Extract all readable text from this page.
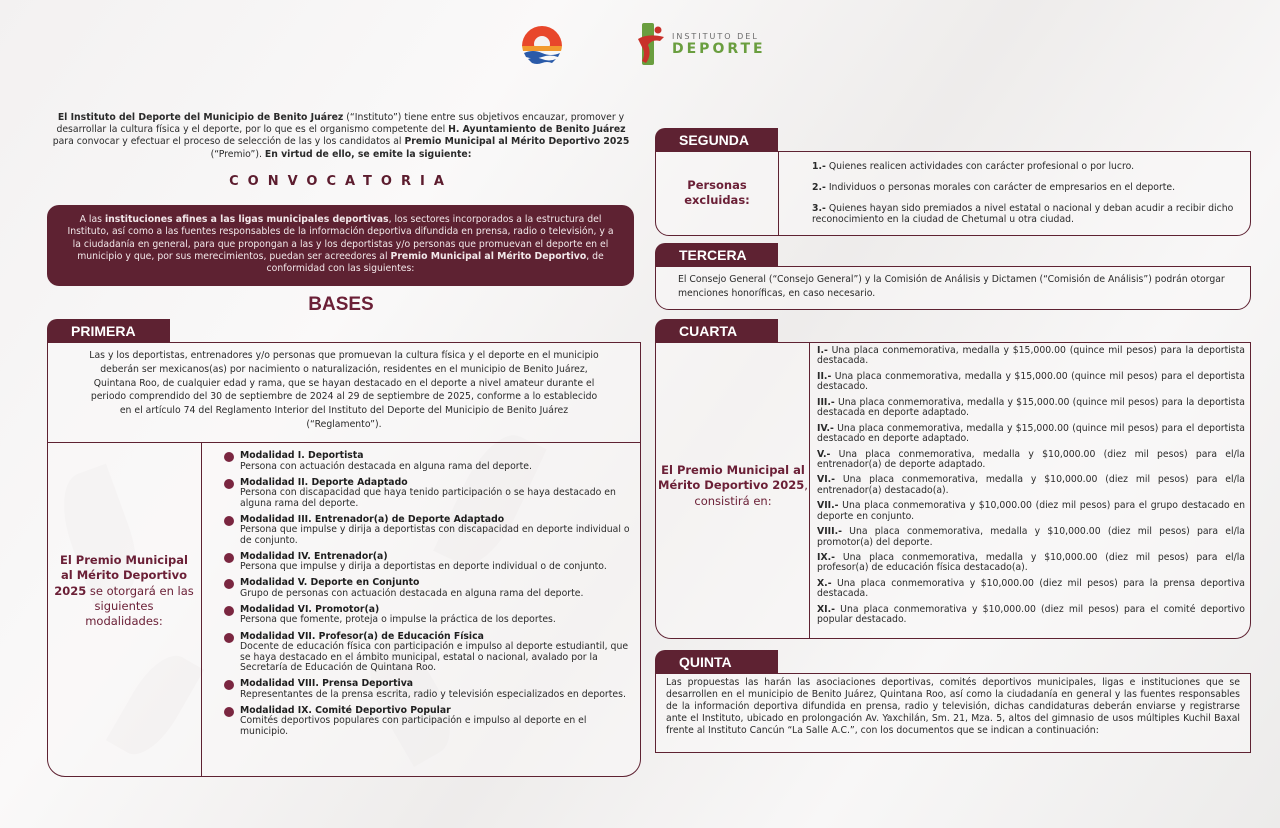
INSTITUTO DEL
DEPORTE
El Instituto del Deporte del Municipio de Benito Juárez (“Instituto”) tiene entre sus objetivos encauzar, promover y desarrollar la cultura física y el deporte, por lo que es el organismo competente del H. Ayuntamiento de Benito Juárez para convocar y efectuar el proceso de selección de las y los candidatos al Premio Municipal al Mérito Deportivo 2025 (“Premio”). En virtud de ello, se emite la siguiente:
CONVOCATORIA
A las instituciones afines a las ligas municipales deportivas, los sectores incorporados a la estructura del Instituto, así como a las fuentes responsables de la información deportiva difundida en prensa, radio o televisión, y a la ciudadanía en general, para que propongan a las y los deportistas y/o personas que promuevan el deporte en el municipio y que, por sus merecimientos, puedan ser acreedores al Premio Municipal al Mérito Deportivo, de conformidad con las siguientes:
BASES
PRIMERA
Las y los deportistas, entrenadores y/o personas que promuevan la cultura física y el deporte en el municipio deberán ser mexicanos(as) por nacimiento o naturalización, residentes en el municipio de Benito Juárez, Quintana Roo, de cualquier edad y rama, que se hayan destacado en el deporte a nivel amateur durante el periodo comprendido del 30 de septiembre de 2024 al 29 de septiembre de 2025, conforme a lo establecido en el artículo 74 del Reglamento Interior del Instituto del Deporte del Municipio de Benito Juárez (“Reglamento”).
El Premio Municipal al Mérito Deportivo 2025 se otorgará en las siguientes modalidades:
Modalidad I. Deportista
Persona con actuación destacada en alguna rama del deporte.
Modalidad II. Deporte Adaptado
Persona con discapacidad que haya tenido participación o se haya destacado en alguna rama del deporte.
Modalidad III. Entrenador(a) de Deporte Adaptado
Persona que impulse y dirija a deportistas con discapacidad en deporte individual o de conjunto.
Modalidad IV. Entrenador(a)
Persona que impulse y dirija a deportistas en deporte individual o de conjunto.
Modalidad V. Deporte en Conjunto
Grupo de personas con actuación destacada en alguna rama del deporte.
Modalidad VI. Promotor(a)
Persona que fomente, proteja o impulse la práctica de los deportes.
Modalidad VII. Profesor(a) de Educación Física
Docente de educación física con participación e impulso al deporte estudiantil, que se haya destacado en el ámbito municipal, estatal o nacional, avalado por la Secretaría de Educación de Quintana Roo.
Modalidad VIII. Prensa Deportiva
Representantes de la prensa escrita, radio y televisión especializados en deportes.
Modalidad IX. Comité Deportivo Popular
Comités deportivos populares con participación e impulso al deporte en el municipio.
SEGUNDA
Personas excluidas:
1.- Quienes realicen actividades con carácter profesional o por lucro.
2.- Individuos o personas morales con carácter de empresarios en el deporte.
3.- Quienes hayan sido premiados a nivel estatal o nacional y deban acudir a recibir dicho reconocimiento en la ciudad de Chetumal u otra ciudad.
TERCERA
El Consejo General (“Consejo General”) y la Comisión de Análisis y Dictamen (“Comisión de Análisis”) podrán otorgar menciones honoríficas, en caso necesario.
CUARTA
El Premio Municipal al Mérito Deportivo 2025, consistirá en:
I.- Una placa conmemorativa, medalla y $15,000.00 (quince mil pesos) para la deportista destacada.
II.- Una placa conmemorativa, medalla y $15,000.00 (quince mil pesos) para el deportista destacado.
III.- Una placa conmemorativa, medalla y $15,000.00 (quince mil pesos) para la deportista destacada en deporte adaptado.
IV.- Una placa conmemorativa, medalla y $15,000.00 (quince mil pesos) para el deportista destacado en deporte adaptado.
V.- Una placa conmemorativa, medalla y $10,000.00 (diez mil pesos) para el/la entrenador(a) de deporte adaptado.
VI.- Una placa conmemorativa, medalla y $10,000.00 (diez mil pesos) para el/la entrenador(a) destacado(a).
VII.- Una placa conmemorativa y $10,000.00 (diez mil pesos) para el grupo destacado en deporte en conjunto.
VIII.- Una placa conmemorativa, medalla y $10,000.00 (diez mil pesos) para el/la promotor(a) del deporte.
IX.- Una placa conmemorativa, medalla y $10,000.00 (diez mil pesos) para el/la profesor(a) de educación física destacado(a).
X.- Una placa conmemorativa y $10,000.00 (diez mil pesos) para la prensa deportiva destacada.
XI.- Una placa conmemorativa y $10,000.00 (diez mil pesos) para el comité deportivo popular destacado.
QUINTA
Las propuestas las harán las asociaciones deportivas, comités deportivos municipales, ligas e instituciones que se desarrollen en el municipio de Benito Juárez, Quintana Roo, así como la ciudadanía en general y las fuentes responsables de la información deportiva difundida en prensa, radio y televisión, dichas candidaturas deberán enviarse y registrarse ante el Instituto, ubicado en prolongación Av. Yaxchilán, Sm. 21, Mza. 5, altos del gimnasio de usos múltiples Kuchil Baxal frente al Instituto Cancún “La Salle A.C.”, con los documentos que se indican a continuación:
